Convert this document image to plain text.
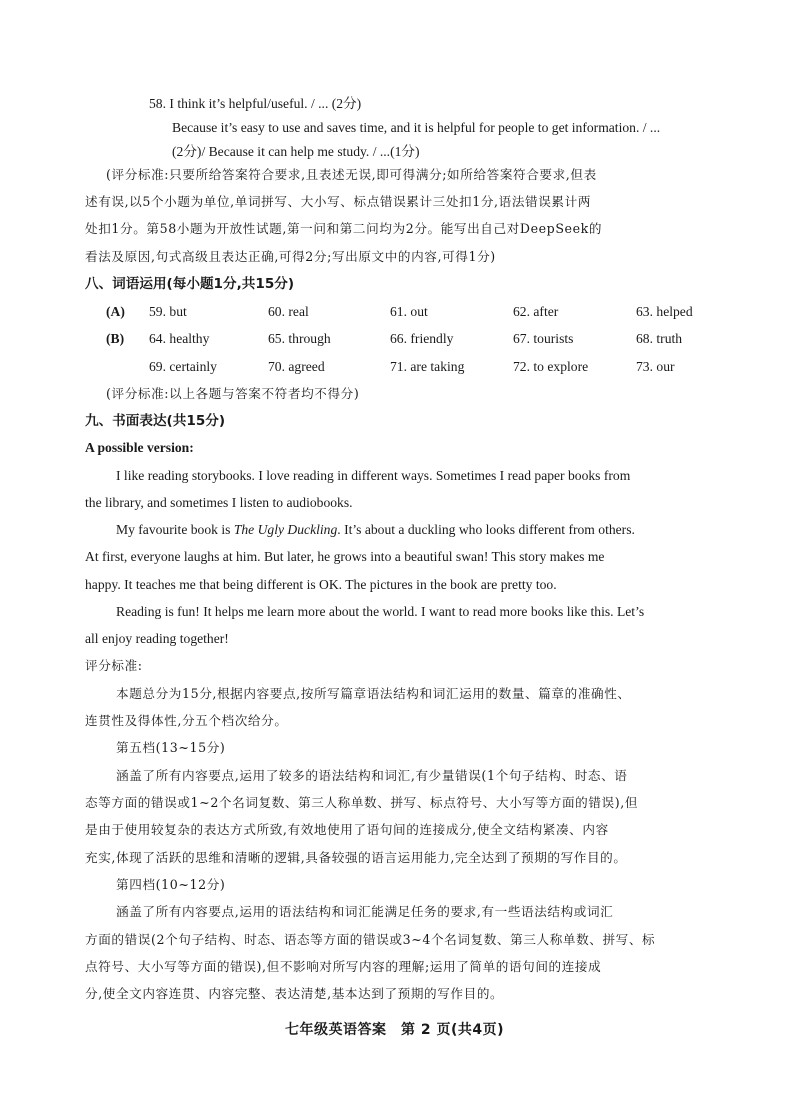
58. I think it’s helpful/useful. / ... (2分)
Because it’s easy to use and saves time, and it is helpful for people to get information. / ...
(2分)/ Because it can help me study. / ...(1分)
(评分标准:只要所给答案符合要求,且表述无误,即可得满分;如所给答案符合要求,但表
述有误,以5个小题为单位,单词拼写、大小写、标点错误累计三处扣1分,语法错误累计两
处扣1分。第58小题为开放性试题,第一问和第二问均为2分。能写出自己对DeepSeek的
看法及原因,句式高级且表达正确,可得2分;写出原文中的内容,可得1分)
八、词语运用(每小题1分,共15分)
(A) 59. but	60. real	61. out	62. after	63. helped
(B) 64. healthy	65. through	66. friendly	67. tourists	68. truth
69. certainly	70. agreed	71. are taking	72. to explore	73. our
(评分标准:以上各题与答案不符者均不得分)
九、书面表达(共15分)
A possible version:
I like reading storybooks. I love reading in different ways. Sometimes I read paper books from
the library, and sometimes I listen to audiobooks.
My favourite book is The Ugly Duckling. It’s about a duckling who looks different from others.
At first, everyone laughs at him. But later, he grows into a beautiful swan! This story makes me
happy. It teaches me that being different is OK. The pictures in the book are pretty too.
Reading is fun! It helps me learn more about the world. I want to read more books like this. Let’s
all enjoy reading together!
评分标准:
本题总分为15分,根据内容要点,按所写篇章语法结构和词汇运用的数量、篇章的准确性、
连贯性及得体性,分五个档次给分。
第五档(13~15分)
涵盖了所有内容要点,运用了较多的语法结构和词汇,有少量错误(1个句子结构、时态、语
态等方面的错误或1~2个名词复数、第三人称单数、拼写、标点符号、大小写等方面的错误),但
是由于使用较复杂的表达方式所致,有效地使用了语句间的连接成分,使全文结构紧凑、内容
充实,体现了活跃的思维和清晰的逻辑,具备较强的语言运用能力,完全达到了预期的写作目的。
第四档(10~12分)
涵盖了所有内容要点,运用的语法结构和词汇能满足任务的要求,有一些语法结构或词汇
方面的错误(2个句子结构、时态、语态等方面的错误或3~4个名词复数、第三人称单数、拼写、标
点符号、大小写等方面的错误),但不影响对所写内容的理解;运用了简单的语句间的连接成
分,使全文内容连贯、内容完整、表达清楚,基本达到了预期的写作目的。
七年级英语答案　第 2 页(共4页)
